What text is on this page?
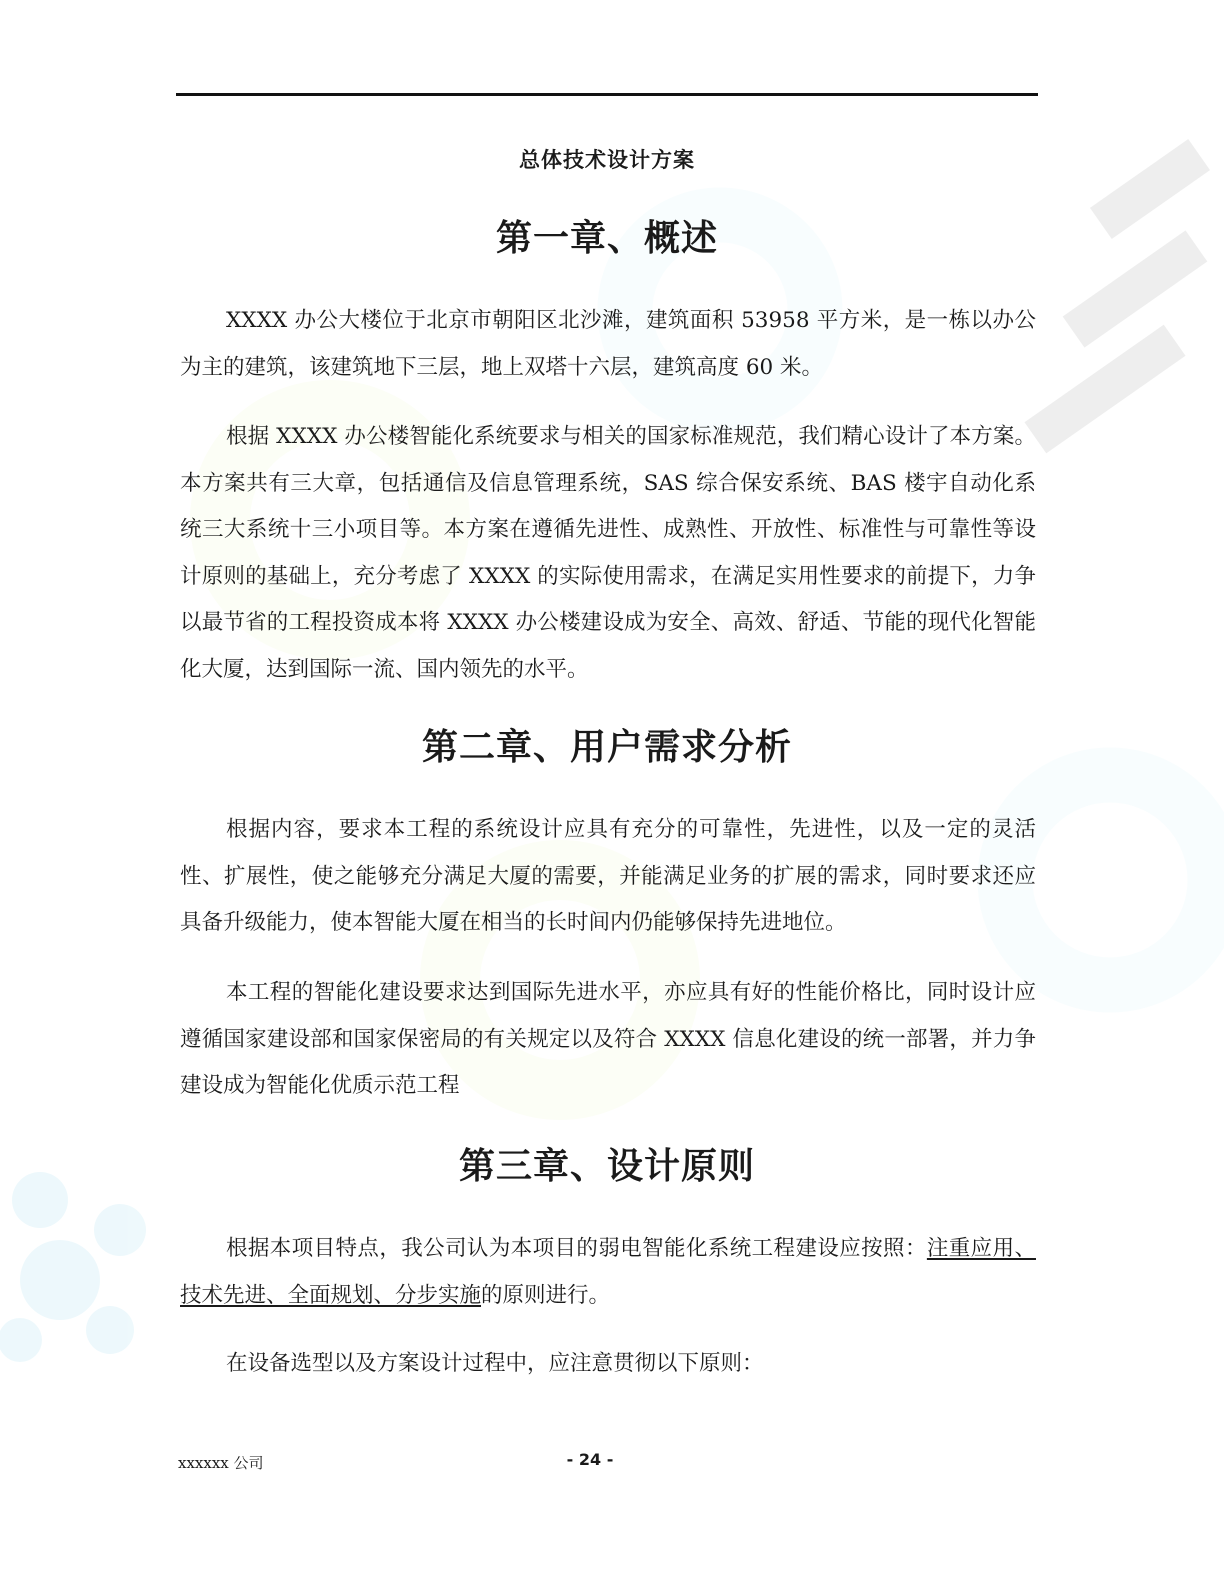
总体技术设计方案
第一章、概述

XXXX 办公大楼位于北京市朝阳区北沙滩，建筑面积 53958 平方米，是一栋以办公为主的建筑，该建筑地下三层，地上双塔十六层，建筑高度 60 米。

根据 XXXX 办公楼智能化系统要求与相关的国家标准规范，我们精心设计了本方案。本方案共有三大章，包括通信及信息管理系统，SAS 综合保安系统、BAS 楼宇自动化系统三大系统十三小项目等。本方案在遵循先进性、成熟性、开放性、标准性与可靠性等设计原则的基础上，充分考虑了 XXXX 的实际使用需求，在满足实用性要求的前提下，力争以最节省的工程投资成本将 XXXX 办公楼建设成为安全、高效、舒适、节能的现代化智能化大厦，达到国际一流、国内领先的水平。

第二章、用户需求分析

根据内容，要求本工程的系统设计应具有充分的可靠性，先进性，以及一定的灵活性、扩展性，使之能够充分满足大厦的需要，并能满足业务的扩展的需求，同时要求还应具备升级能力，使本智能大厦在相当的长时间内仍能够保持先进地位。

本工程的智能化建设要求达到国际先进水平，亦应具有好的性能价格比，同时设计应遵循国家建设部和国家保密局的有关规定以及符合 XXXX 信息化建设的统一部署，并力争建设成为智能化优质示范工程

第三章、设计原则

根据本项目特点，我公司认为本项目的弱电智能化系统工程建设应按照：注重应用、技术先进、全面规划、分步实施的原则进行。

在设备选型以及方案设计过程中，应注意贯彻以下原则：

xxxxxx 公司	- 24 -
